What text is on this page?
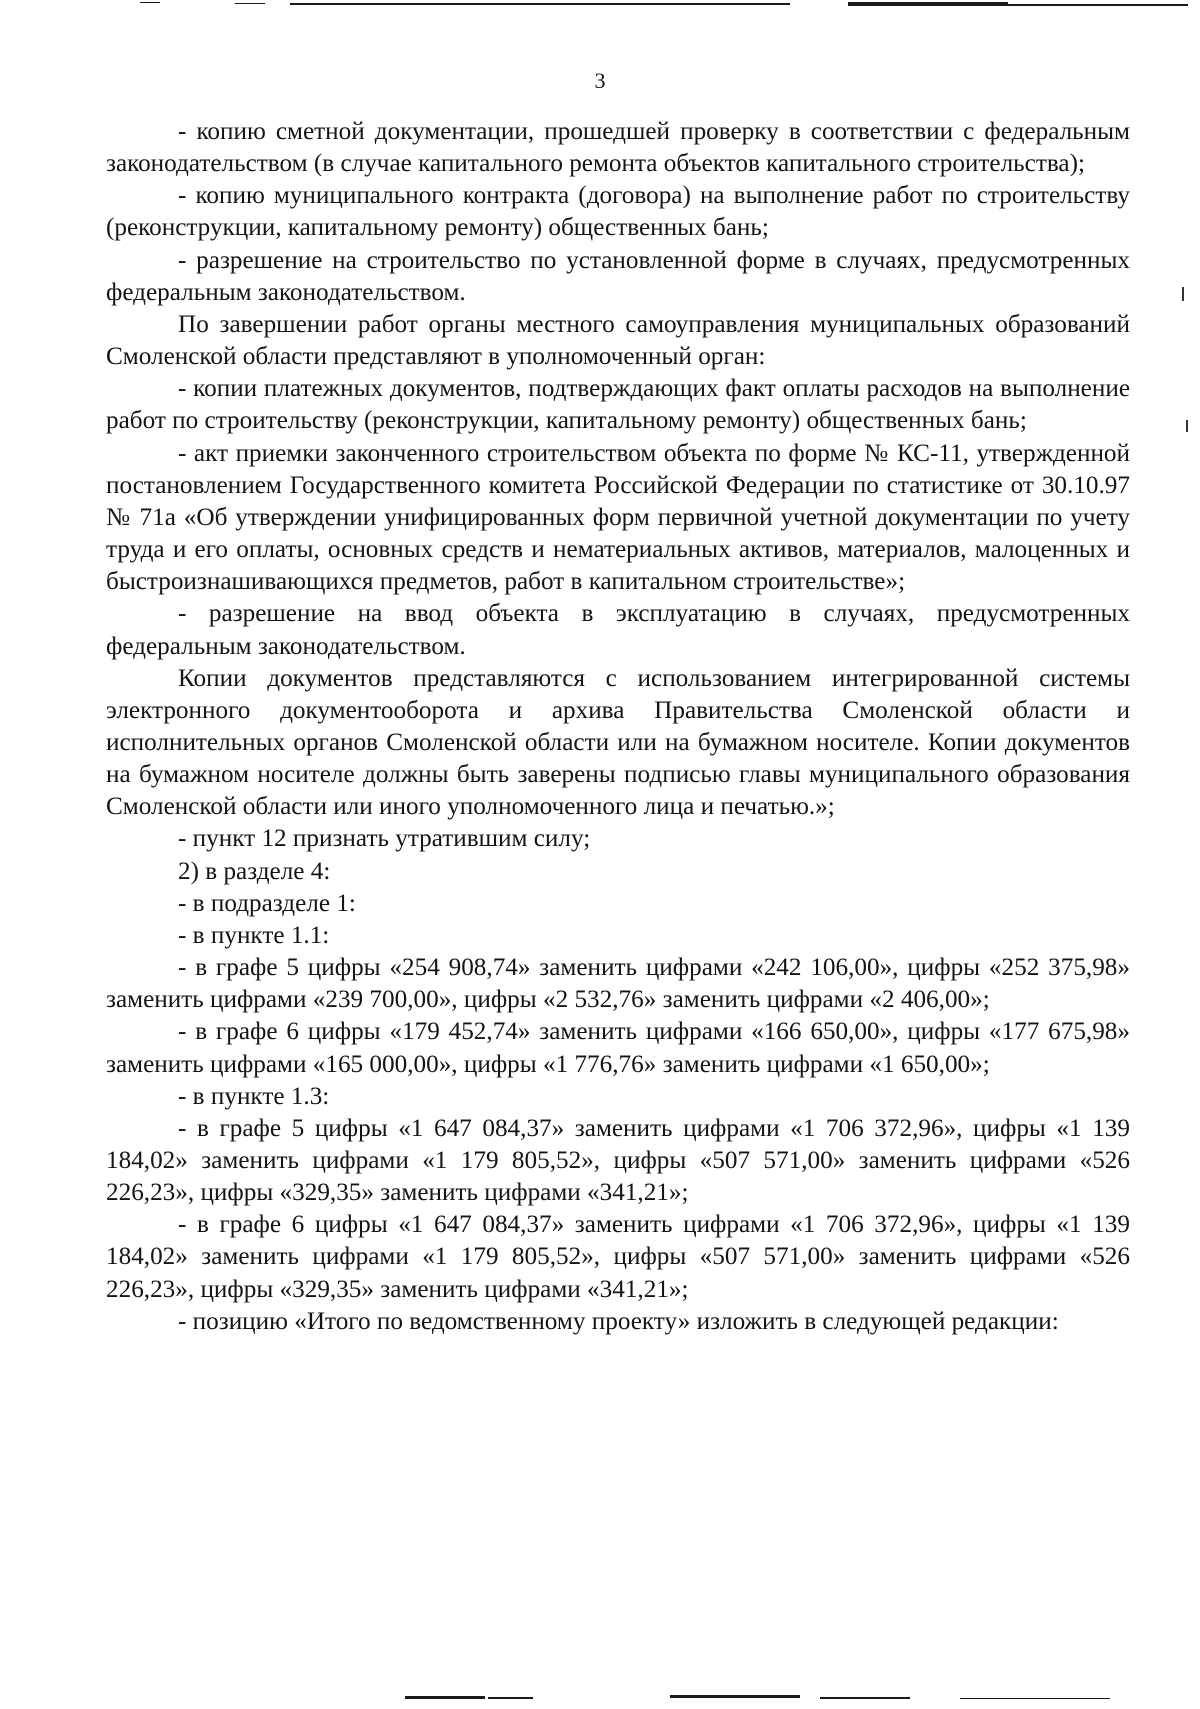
3

- копию сметной документации, прошедшей проверку в соответствии с федеральным законодательством (в случае капитального ремонта объектов капитального строительства);

- копию муниципального контракта (договора) на выполнение работ по строительству (реконструкции, капитальному ремонту) общественных бань;

- разрешение на строительство по установленной форме в случаях, предусмотренных федеральным законодательством.

По завершении работ органы местного самоуправления муниципальных образований Смоленской области представляют в уполномоченный орган:

- копии платежных документов, подтверждающих факт оплаты расходов на выполнение работ по строительству (реконструкции, капитальному ремонту) общественных бань;

- акт приемки законченного строительством объекта по форме № КС-11, утвержденной постановлением Государственного комитета Российской Федерации по статистике от 30.10.97 № 71а «Об утверждении унифицированных форм первичной учетной документации по учету труда и его оплаты, основных средств и нематериальных активов, материалов, малоценных и быстроизнашивающихся предметов, работ в капитальном строительстве»;

- разрешение на ввод объекта в эксплуатацию в случаях, предусмотренных федеральным законодательством.

Копии документов представляются с использованием интегрированной системы электронного документооборота и архива Правительства Смоленской области и исполнительных органов Смоленской области или на бумажном носителе. Копии документов на бумажном носителе должны быть заверены подписью главы муниципального образования Смоленской области или иного уполномоченного лица и печатью.»;

- пункт 12 признать утратившим силу;

2) в разделе 4:

- в подразделе 1:

- в пункте 1.1:

- в графе 5 цифры «254 908,74» заменить цифрами «242 106,00», цифры «252 375,98» заменить цифрами «239 700,00», цифры «2 532,76» заменить цифрами «2 406,00»;

- в графе 6 цифры «179 452,74» заменить цифрами «166 650,00», цифры «177 675,98» заменить цифрами «165 000,00», цифры «1 776,76» заменить цифрами «1 650,00»;

- в пункте 1.3:

- в графе 5 цифры «1 647 084,37» заменить цифрами «1 706 372,96», цифры «1 139 184,02» заменить цифрами «1 179 805,52», цифры «507 571,00» заменить цифрами «526 226,23», цифры «329,35» заменить цифрами «341,21»;

- в графе 6 цифры «1 647 084,37» заменить цифрами «1 706 372,96», цифры «1 139 184,02» заменить цифрами «1 179 805,52», цифры «507 571,00» заменить цифрами «526 226,23», цифры «329,35» заменить цифрами «341,21»;

- позицию «Итого по ведомственному проекту» изложить в следующей редакции:
